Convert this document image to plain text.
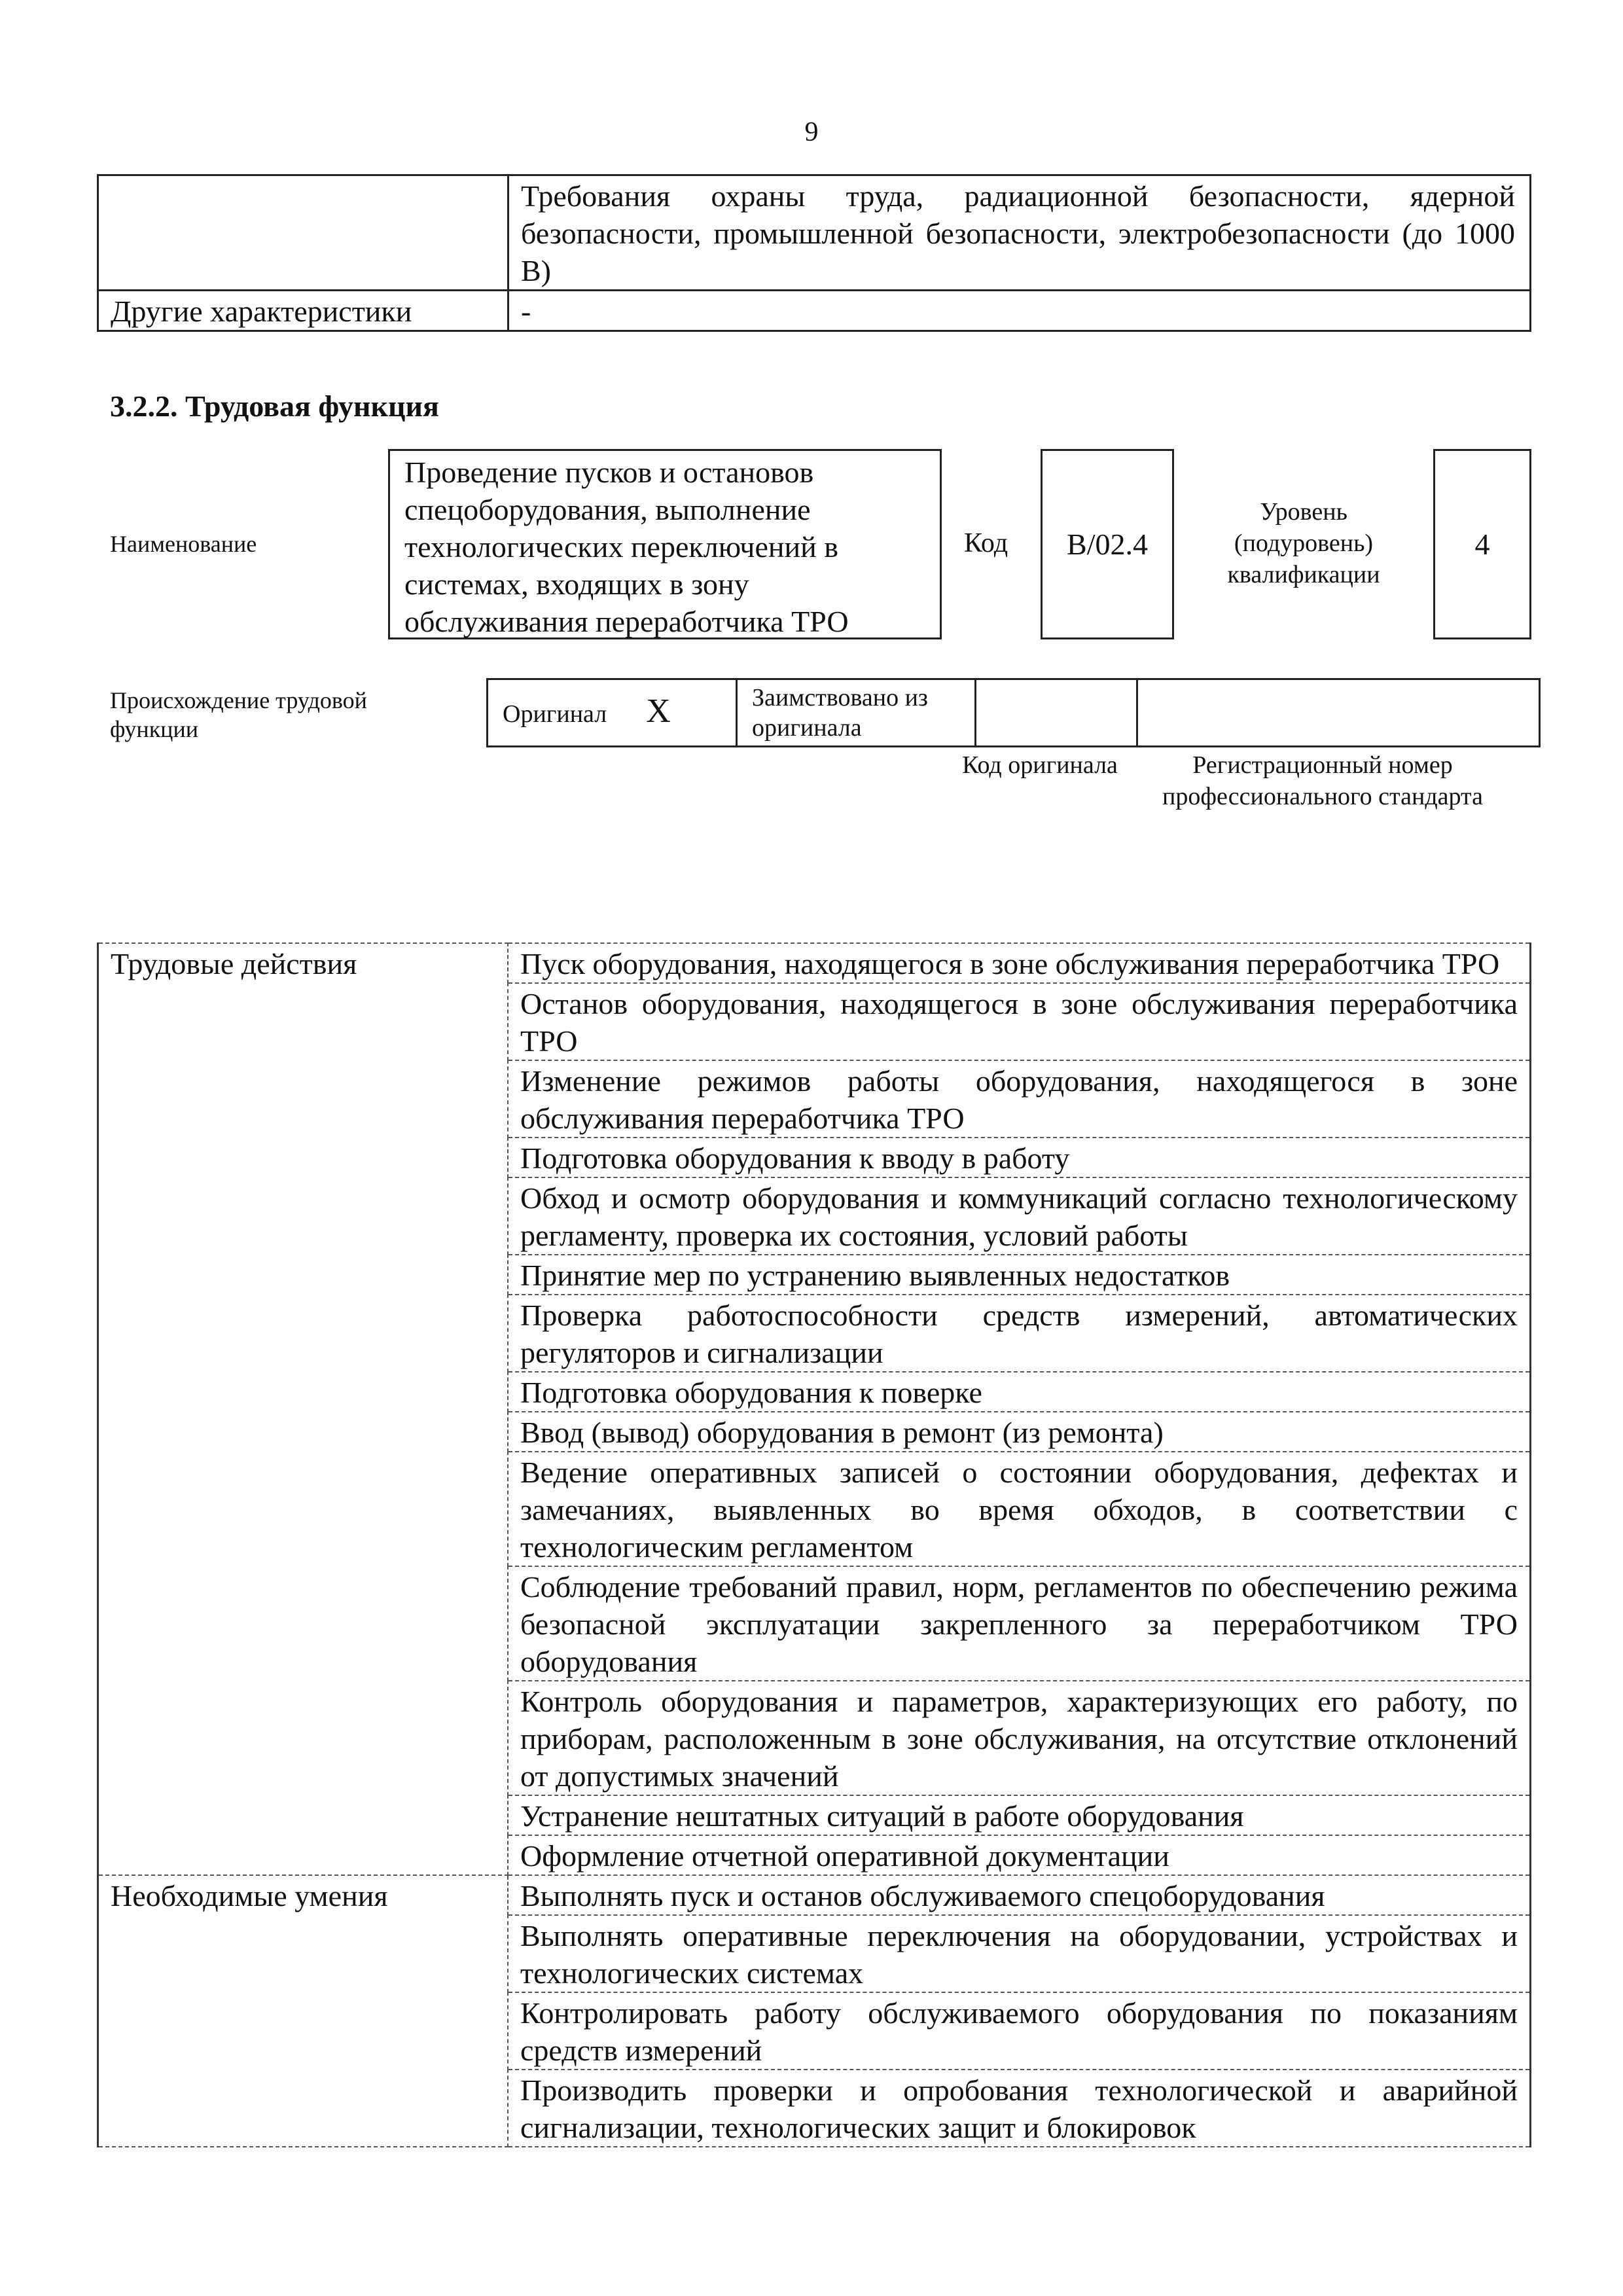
9
	Требования охраны труда, радиационной безопасности, ядерной безопасности, промышленной безопасности, электробезопасности (до 1000 В)
Другие характеристики	-
3.2.2. Трудовая функция
Наименование
Проведение пусков и остановов спецоборудования, выполнение технологических переключений в системах, входящих в зону обслуживания переработчика ТРО
Код B/02.4
Уровень (подуровень) квалификации
4
Происхождение трудовой функции
Оригинал X	Заимствовано из оригинала		
Код оригинала	Регистрационный номер профессионального стандарта
Трудовые действия	Пуск оборудования, находящегося в зоне обслуживания переработчика ТРО
	Останов оборудования, находящегося в зоне обслуживания переработчика ТРО
	Изменение режимов работы оборудования, находящегося в зоне обслуживания переработчика ТРО
	Подготовка оборудования к вводу в работу
	Обход и осмотр оборудования и коммуникаций согласно технологическому регламенту, проверка их состояния, условий работы
	Принятие мер по устранению выявленных недостатков
	Проверка работоспособности средств измерений, автоматических регуляторов и сигнализации
	Подготовка оборудования к поверке
	Ввод (вывод) оборудования в ремонт (из ремонта)
	Ведение оперативных записей о состоянии оборудования, дефектах и замечаниях, выявленных во время обходов, в соответствии с технологическим регламентом
	Соблюдение требований правил, норм, регламентов по обеспечению режима безопасной эксплуатации закрепленного за переработчиком ТРО оборудования
	Контроль оборудования и параметров, характеризующих его работу, по приборам, расположенным в зоне обслуживания, на отсутствие отклонений от допустимых значений
	Устранение нештатных ситуаций в работе оборудования
	Оформление отчетной оперативной документации
Необходимые умения	Выполнять пуск и останов обслуживаемого спецоборудования
	Выполнять оперативные переключения на оборудовании, устройствах и технологических системах
	Контролировать работу обслуживаемого оборудования по показаниям средств измерений
	Производить проверки и опробования технологической и аварийной сигнализации, технологических защит и блокировок
